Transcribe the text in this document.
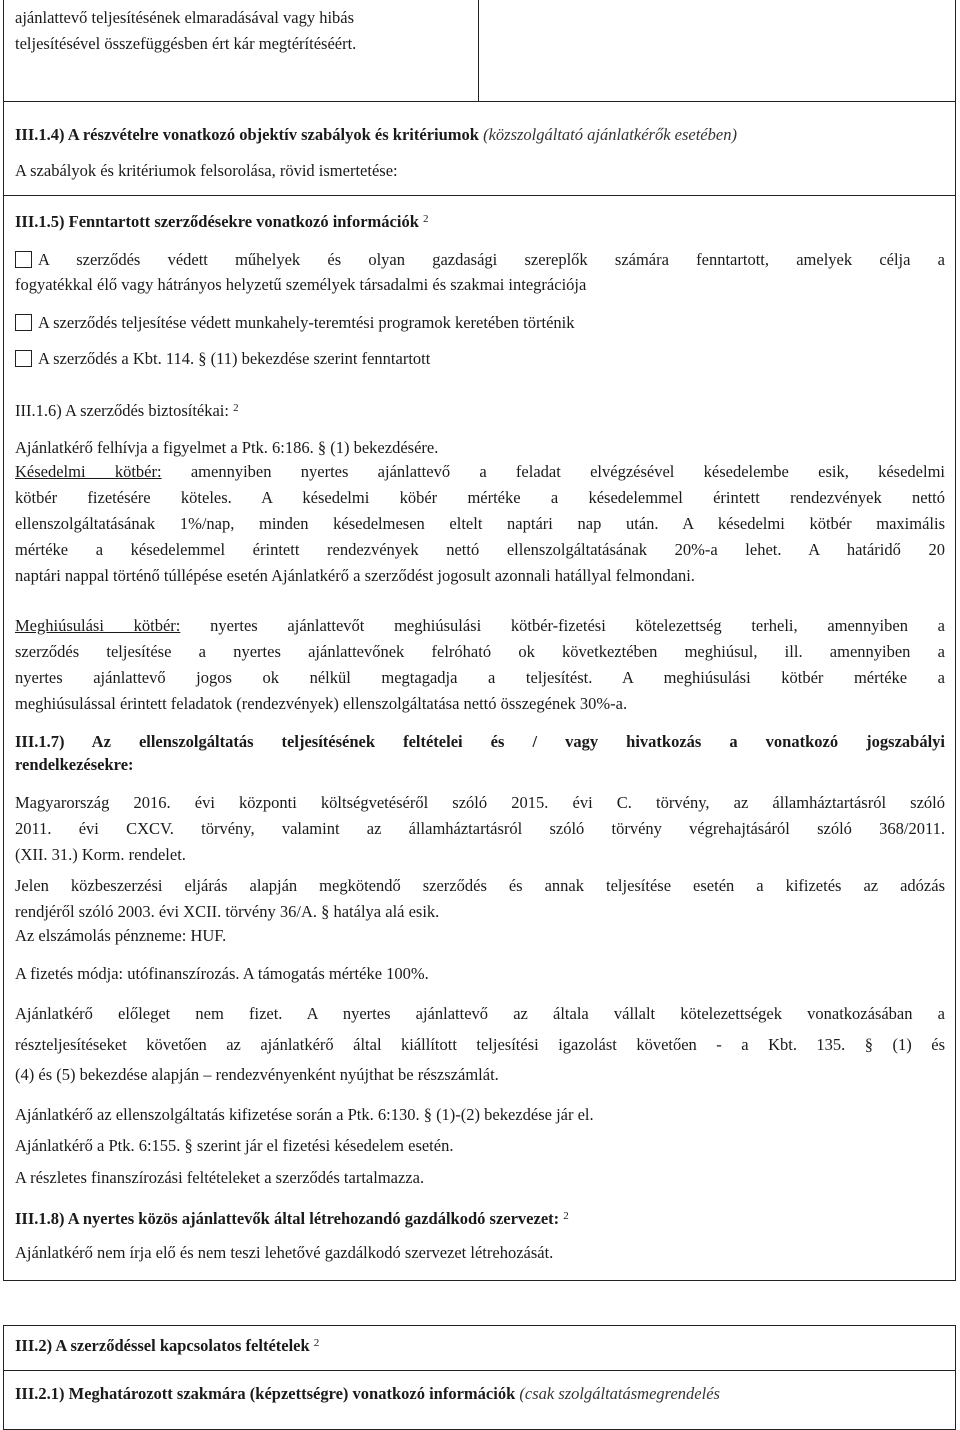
ajánlattevő teljesítésének elmaradásával vagy hibás
teljesítésével összefüggésben ért kár megtérítéséért.
III.1.4) A részvételre vonatkozó objektív szabályok és kritériumok (közszolgáltató ajánlatkérők esetében)
A szabályok és kritériumok felsorolása, rövid ismertetése:
III.1.5) Fenntartott szerződésekre vonatkozó információk $^2$
A szerződés védett műhelyek és olyan gazdasági szereplők számára fenntartott, amelyek célja a
fogyatékkal élő vagy hátrányos helyzetű személyek társadalmi és szakmai integrációja
A szerződés teljesítése védett munkahely-teremtési programok keretében történik
A szerződés a Kbt. 114. § (11) bekezdése szerint fenntartott
III.1.6) A szerződés biztosítékai: $^2$
Ajánlatkérő felhívja a figyelmet a Ptk. 6:186. § (1) bekezdésére.
Késedelmi kötbér: amennyiben nyertes ajánlattevő a feladat elvégzésével késedelembe esik, késedelmi
kötbér fizetésére köteles. A késedelmi köbér mértéke a késedelemmel érintett rendezvények nettó
ellenszolgáltatásának 1%/nap, minden késedelmesen eltelt naptári nap után. A késedelmi kötbér maximális
mértéke a késedelemmel érintett rendezvények nettó ellenszolgáltatásának 20%-a lehet. A határidő 20
naptári nappal történő túllépése esetén Ajánlatkérő a szerződést jogosult azonnali hatállyal felmondani.
Meghiúsulási kötbér: nyertes ajánlattevőt meghiúsulási kötbér-fizetési kötelezettség terheli, amennyiben a
szerződés teljesítése a nyertes ajánlattevőnek felróható ok következtében meghiúsul, ill. amennyiben a
nyertes ajánlattevő jogos ok nélkül megtagadja a teljesítést. A meghiúsulási kötbér mértéke a
meghiúsulással érintett feladatok (rendezvények) ellenszolgáltatása nettó összegének 30%-a.
III.1.7) Az ellenszolgáltatás teljesítésének feltételei és / vagy hivatkozás a vonatkozó jogszabályi
rendelkezésekre:
Magyarország 2016. évi központi költségvetéséről szóló 2015. évi C. törvény, az államháztartásról szóló
2011. évi CXCV. törvény, valamint az államháztartásról szóló törvény végrehajtásáról szóló 368/2011.
(XII. 31.) Korm. rendelet.
Jelen közbeszerzési eljárás alapján megkötendő szerződés és annak teljesítése esetén a kifizetés az adózás
rendjéről szóló 2003. évi XCII. törvény 36/A. § hatálya alá esik.
Az elszámolás pénzneme: HUF.
A fizetés módja: utófinanszírozás. A támogatás mértéke 100%.
Ajánlatkérő előleget nem fizet. A nyertes ajánlattevő az általa vállalt kötelezettségek vonatkozásában a
részteljesítéseket követően az ajánlatkérő által kiállított teljesítési igazolást követően - a Kbt. 135. § (1) és
(4) és (5) bekezdése alapján – rendezvényenként nyújthat be részszámlát.
Ajánlatkérő az ellenszolgáltatás kifizetése során a Ptk. 6:130. § (1)-(2) bekezdése jár el.
Ajánlatkérő a Ptk. 6:155. § szerint jár el fizetési késedelem esetén.
A részletes finanszírozási feltételeket a szerződés tartalmazza.
III.1.8) A nyertes közös ajánlattevők által létrehozandó gazdálkodó szervezet: $^2$
Ajánlatkérő nem írja elő és nem teszi lehetővé gazdálkodó szervezet létrehozását.
III.2) A szerződéssel kapcsolatos feltételek $^2$
III.2.1) Meghatározott szakmára (képzettségre) vonatkozó információk (csak szolgáltatásmegrendelés
